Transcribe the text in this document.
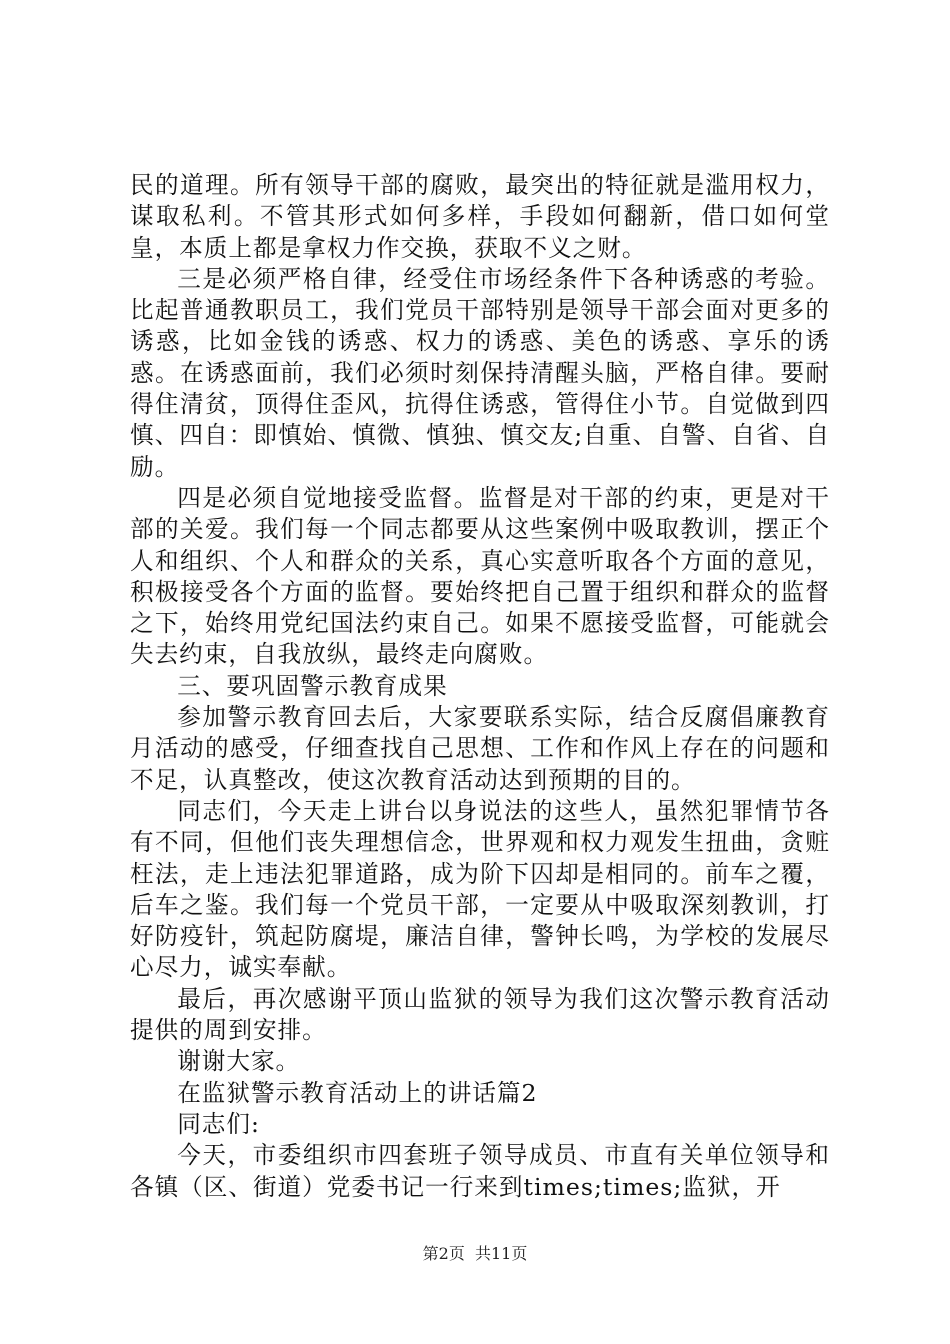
民的道理。所有领导干部的腐败，最突出的特征就是滥用权力，谋取私利。不管其形式如何多样，手段如何翻新，借口如何堂皇，本质上都是拿权力作交换，获取不义之财。

三是必须严格自律，经受住市场经条件下各种诱惑的考验。比起普通教职员工，我们党员干部特别是领导干部会面对更多的诱惑，比如金钱的诱惑、权力的诱惑、美色的诱惑、享乐的诱惑。在诱惑面前，我们必须时刻保持清醒头脑，严格自律。要耐得住清贫，顶得住歪风，抗得住诱惑，管得住小节。自觉做到四慎、四自：即慎始、慎微、慎独、慎交友;自重、自警、自省、自励。

四是必须自觉地接受监督。监督是对干部的约束，更是对干部的关爱。我们每一个同志都要从这些案例中吸取教训，摆正个人和组织、个人和群众的关系，真心实意听取各个方面的意见，积极接受各个方面的监督。要始终把自己置于组织和群众的监督之下，始终用党纪国法约束自己。如果不愿接受监督，可能就会失去约束，自我放纵，最终走向腐败。

三、要巩固警示教育成果

参加警示教育回去后，大家要联系实际，结合反腐倡廉教育月活动的感受，仔细查找自己思想、工作和作风上存在的问题和不足，认真整改，使这次教育活动达到预期的目的。

同志们，今天走上讲台以身说法的这些人，虽然犯罪情节各有不同，但他们丧失理想信念，世界观和权力观发生扭曲，贪赃枉法，走上违法犯罪道路，成为阶下囚却是相同的。前车之覆，后车之鉴。我们每一个党员干部，一定要从中吸取深刻教训，打好防疫针，筑起防腐堤，廉洁自律，警钟长鸣，为学校的发展尽心尽力，诚实奉献。

最后，再次感谢平顶山监狱的领导为我们这次警示教育活动提供的周到安排。

谢谢大家。

在监狱警示教育活动上的讲话篇2

同志们:

今天，市委组织市四套班子领导成员、市直有关单位领导和各镇（区、街道）党委书记一行来到times;times;监狱，开

第2页  共11页
